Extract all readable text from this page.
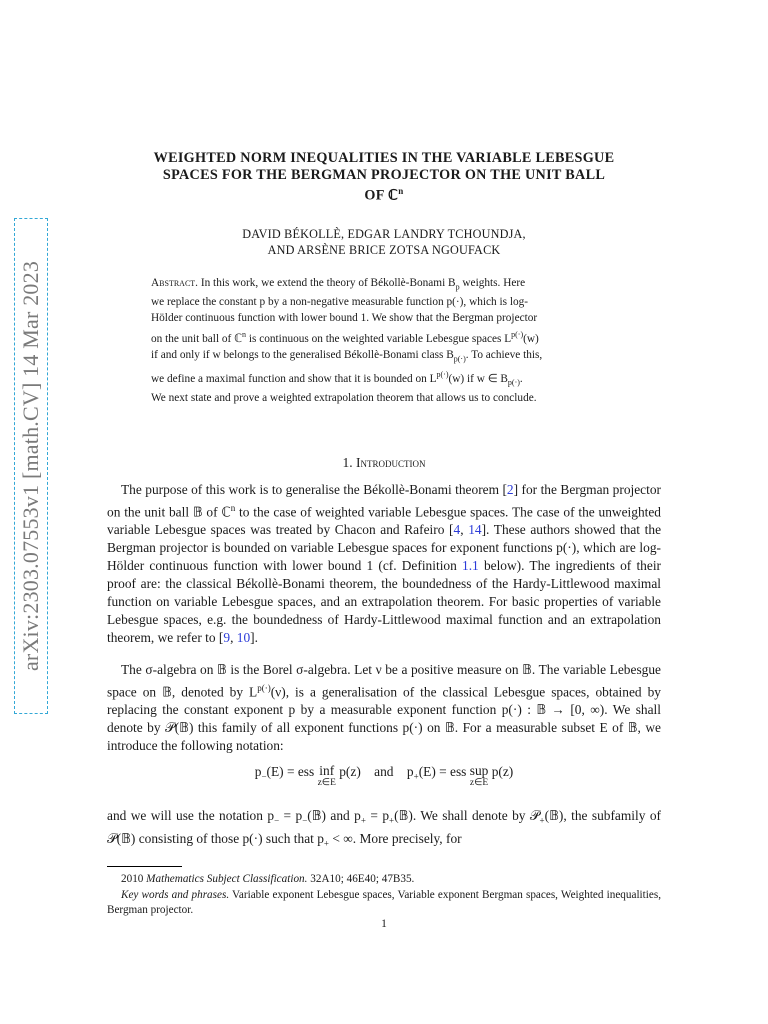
arXiv:2303.07553v1 [math.CV] 14 Mar 2023
WEIGHTED NORM INEQUALITIES IN THE VARIABLE LEBESGUE
SPACES FOR THE BERGMAN PROJECTOR ON THE UNIT BALL
OF ℂ$^n$
DAVID BÉKOLLÈ, EDGAR LANDRY TCHOUNDJA,
AND ARSÈNE BRICE ZOTSA NGOUFACK
Abstract. In this work, we extend the theory of Békollè-Bonami $B_p$ weights. Here
we replace the constant p by a non-negative measurable function p(·), which is log-
Hölder continuous function with lower bound 1. We show that the Bergman projector
on the unit ball of ℂ$^n$ is continuous on the weighted variable Lebesgue spaces $L^{p(\cdot)}(w)$
if and only if w belongs to the generalised Békollè-Bonami class $B_{p(\cdot)}$. To achieve this,
we define a maximal function and show that it is bounded on $L^{p(\cdot)}(w)$ if w ∈ $B_{p(\cdot)}$.
We next state and prove a weighted extrapolation theorem that allows us to conclude.
1. Introduction
The purpose of this work is to generalise the Békollè-Bonami theorem [2] for the Bergman projector on the unit ball 𝔹 of ℂ$^n$ to the case of weighted variable Lebesgue spaces. The case of the unweighted variable Lebesgue spaces was treated by Chacon and Rafeiro [4, 14]. These authors showed that the Bergman projector is bounded on variable Lebesgue spaces for exponent functions p(·), which are log-Hölder continuous function with lower bound 1 (cf. Definition 1.1 below). The ingredients of their proof are: the classical Békollè-Bonami theorem, the boundedness of the Hardy-Littlewood maximal function on variable Lebesgue spaces, and an extrapolation theorem. For basic properties of variable Lebesgue spaces, e.g. the boundedness of Hardy-Littlewood maximal function and an extrapolation theorem, we refer to [9, 10].
The σ-algebra on 𝔹 is the Borel σ-algebra. Let ν be a positive measure on 𝔹. The variable Lebesgue space on 𝔹, denoted by $L^{p(\cdot)}(\nu)$, is a generalisation of the classical Lebesgue spaces, obtained by replacing the constant exponent p by a measurable exponent function p(·) : 𝔹 → [0, ∞). We shall denote by 𝒫(𝔹) this family of all exponent functions p(·) on 𝔹. For a measurable subset E of 𝔹, we introduce the following notation:
$p_-(E)$ = ess inf
z∈E
p(z) and $p_+(E)$ = ess sup
z∈E
p(z)
and we will use the notation $p_-$ = $p_-(𝔹)$ and $p_+$ = $p_+(𝔹)$. We shall denote by 𝒫$_+$(𝔹), the subfamily of 𝒫(𝔹) consisting of those p(·) such that $p_+$ < ∞. More precisely, for
2010 Mathematics Subject Classification. 32A10; 46E40; 47B35.
Key words and phrases. Variable exponent Lebesgue spaces, Variable exponent Bergman spaces, Weighted inequalities, Bergman projector.
1
